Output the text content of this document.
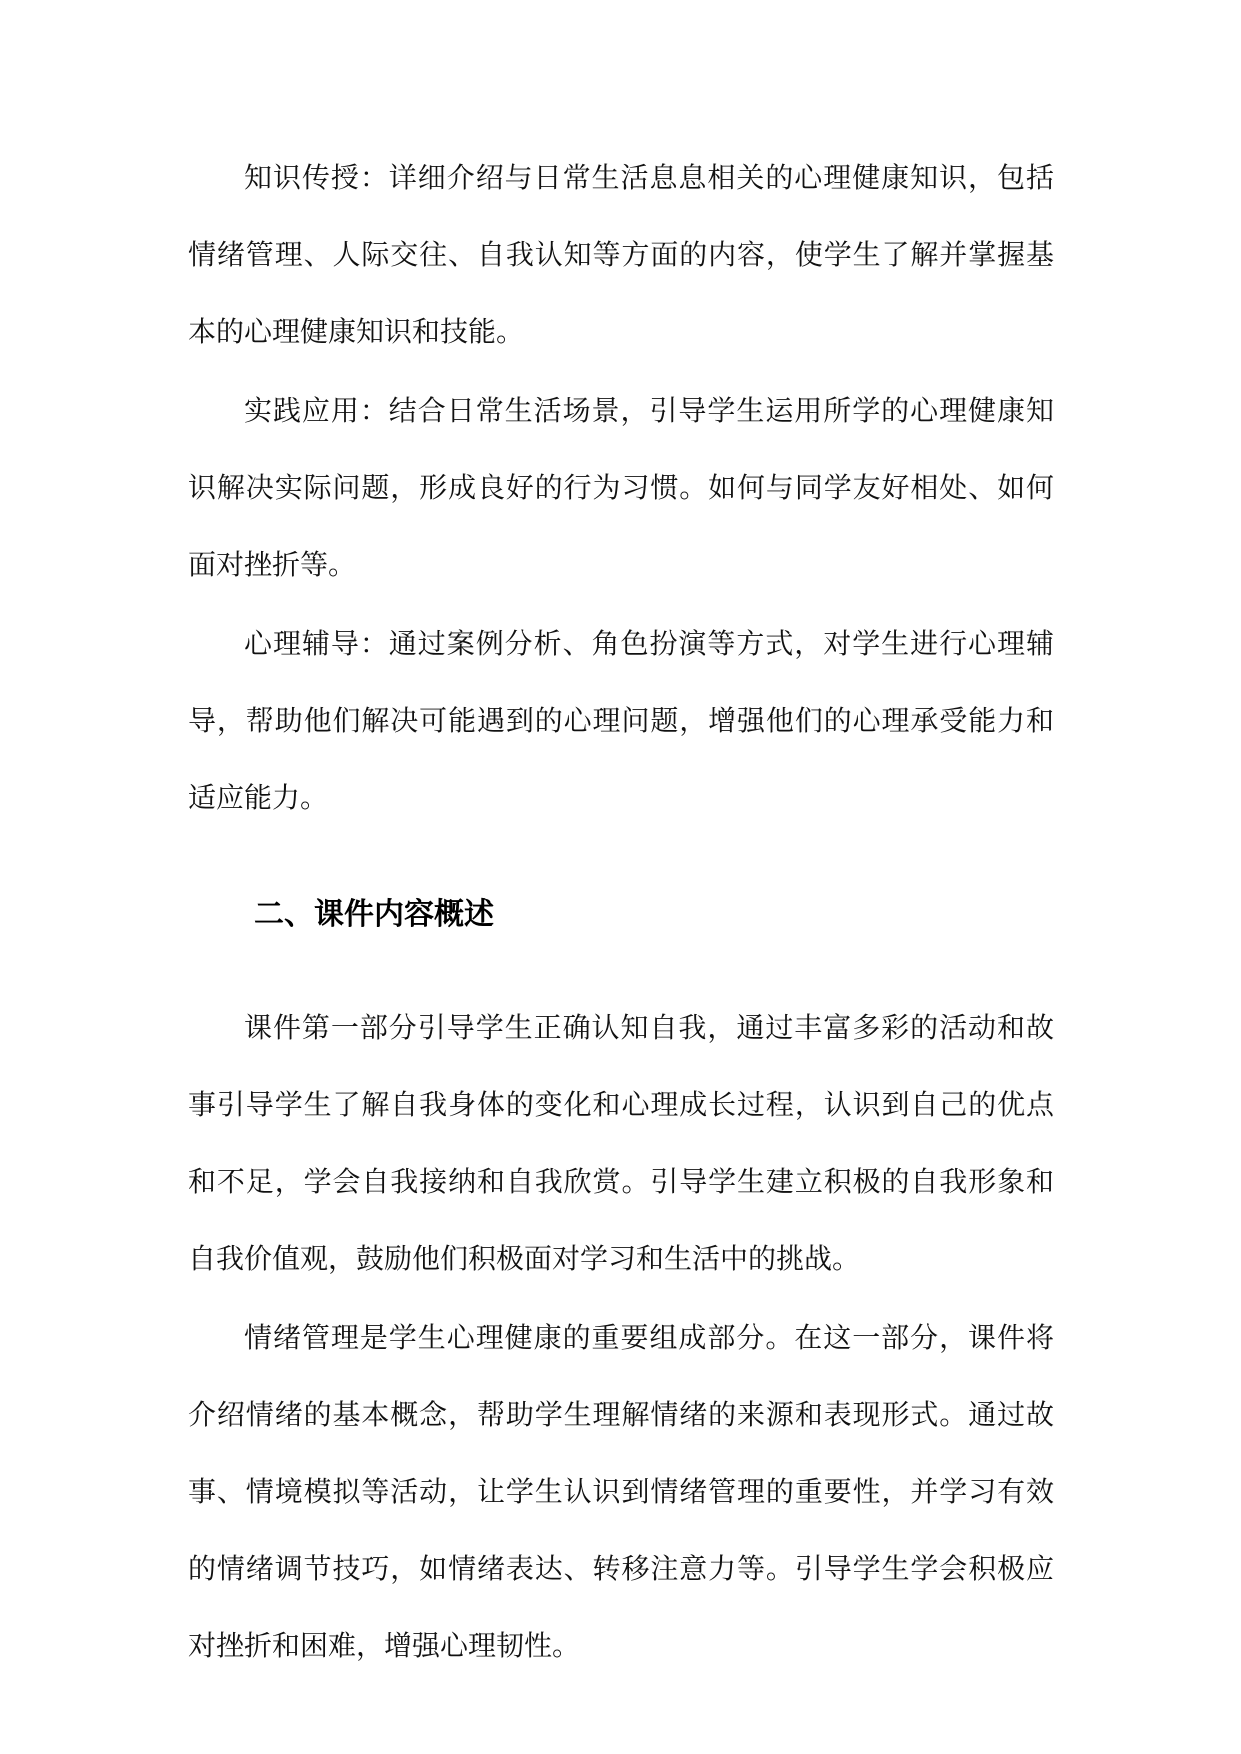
知识传授：详细介绍与日常生活息息相关的心理健康知识，包括情绪管理、人际交往、自我认知等方面的内容，使学生了解并掌握基本的心理健康知识和技能。

实践应用：结合日常生活场景，引导学生运用所学的心理健康知识解决实际问题，形成良好的行为习惯。如何与同学友好相处、如何面对挫折等。

心理辅导：通过案例分析、角色扮演等方式，对学生进行心理辅导，帮助他们解决可能遇到的心理问题，增强他们的心理承受能力和适应能力。

二、课件内容概述

课件第一部分引导学生正确认知自我，通过丰富多彩的活动和故事引导学生了解自我身体的变化和心理成长过程，认识到自己的优点和不足，学会自我接纳和自我欣赏。引导学生建立积极的自我形象和自我价值观，鼓励他们积极面对学习和生活中的挑战。

情绪管理是学生心理健康的重要组成部分。在这一部分，课件将介绍情绪的基本概念，帮助学生理解情绪的来源和表现形式。通过故事、情境模拟等活动，让学生认识到情绪管理的重要性，并学习有效的情绪调节技巧，如情绪表达、转移注意力等。引导学生学会积极应对挫折和困难，增强心理韧性。
